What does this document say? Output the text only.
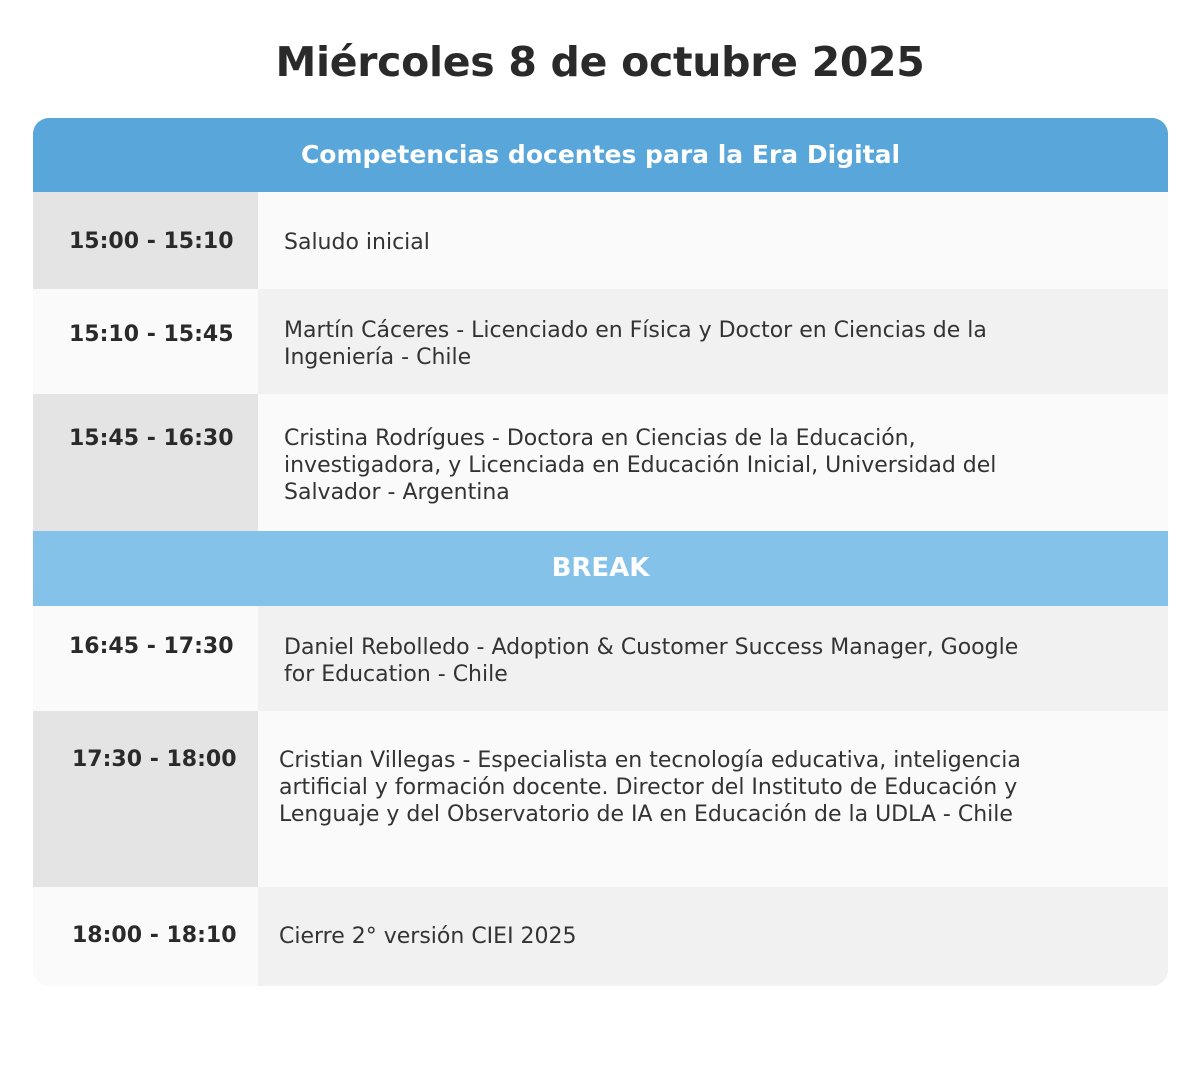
Miércoles 8 de octubre 2025
Competencias docentes para la Era Digital
15:00 - 15:10 Saludo inicial
15:10 - 15:45 Martín Cáceres - Licenciado en Física y Doctor en Ciencias de la Ingeniería - Chile
15:45 - 16:30 Cristina Rodrígues - Doctora en Ciencias de la Educación, investigadora, y Licenciada en Educación Inicial, Universidad del Salvador - Argentina
BREAK
16:45 - 17:30 Daniel Rebolledo - Adoption & Customer Success Manager, Google for Education - Chile
17:30 - 18:00 Cristian Villegas - Especialista en tecnología educativa, inteligencia artificial y formación docente. Director del Instituto de Educación y Lenguaje y del Observatorio de IA en Educación de la UDLA - Chile
18:00 - 18:10 Cierre 2° versión CIEI 2025
